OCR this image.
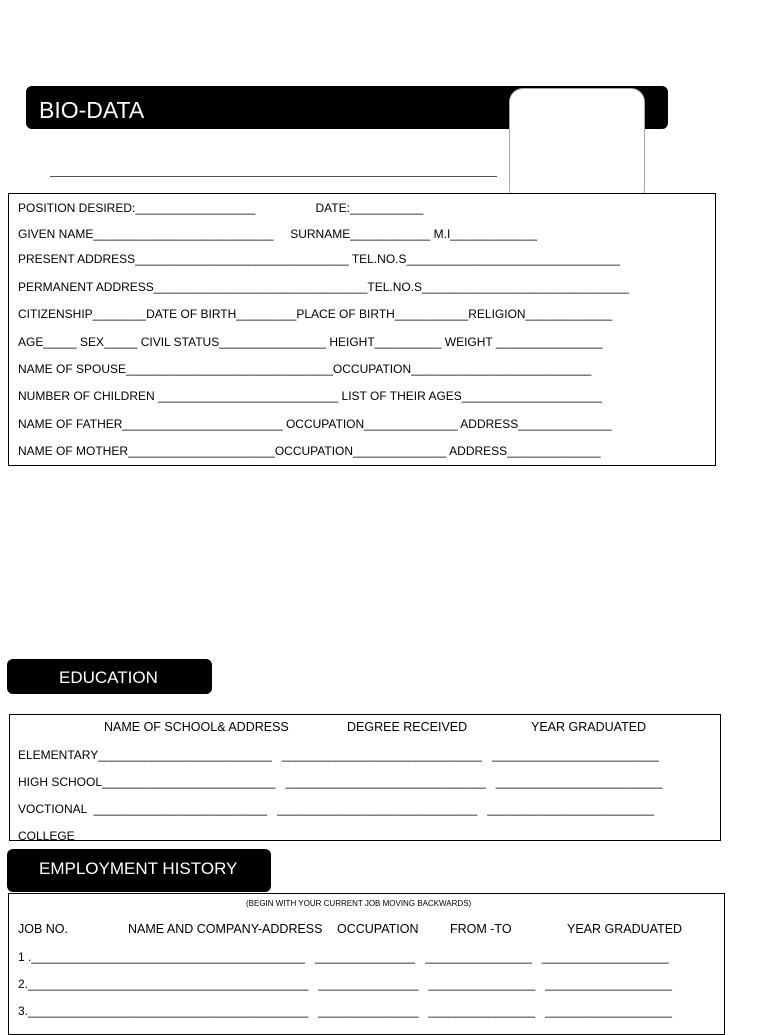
BIO-DATA
POSITION DESIRED:__________________                  DATE:___________
GIVEN NAME___________________________     SURNAME____________ M.I_____________
PRESENT ADDRESS________________________________ TEL.NO.S________________________________
PERMANENT ADDRESS________________________________TEL.NO.S_______________________________
CITIZENSHIP________DATE OF BIRTH_________PLACE OF BIRTH___________RELIGION_____________
AGE_____ SEX_____ CIVIL STATUS________________ HEIGHT__________ WEIGHT ________________
NAME OF SPOUSE_______________________________OCCUPATION___________________________
NUMBER OF CHILDREN ___________________________ LIST OF THEIR AGES_____________________
NAME OF FATHER________________________ OCCUPATION______________ ADDRESS______________
NAME OF MOTHER______________________OCCUPATION______________ ADDRESS______________
EDUCATION
NAME OF SCHOOL& ADDRESS	DEGREE RECEIVED	YEAR GRADUATED
ELEMENTARY__________________________   ______________________________   _________________________
HIGH SCHOOL__________________________   ______________________________   _________________________
VOCTIONAL  __________________________   ______________________________   _________________________
COLLEGE
(BEGIN WITH YOUR CURRENT JOB MOVING BACKWARDS)
JOB NO.	NAME AND COMPANY-ADDRESS OCCUPATION	FROM -TO	YEAR GRADUATED
1 ._________________________________________   _______________   ________________   ___________________
2.__________________________________________   _______________   ________________   ___________________
3.__________________________________________   _______________   ________________   ___________________
EMPLOYMENT HISTORY
